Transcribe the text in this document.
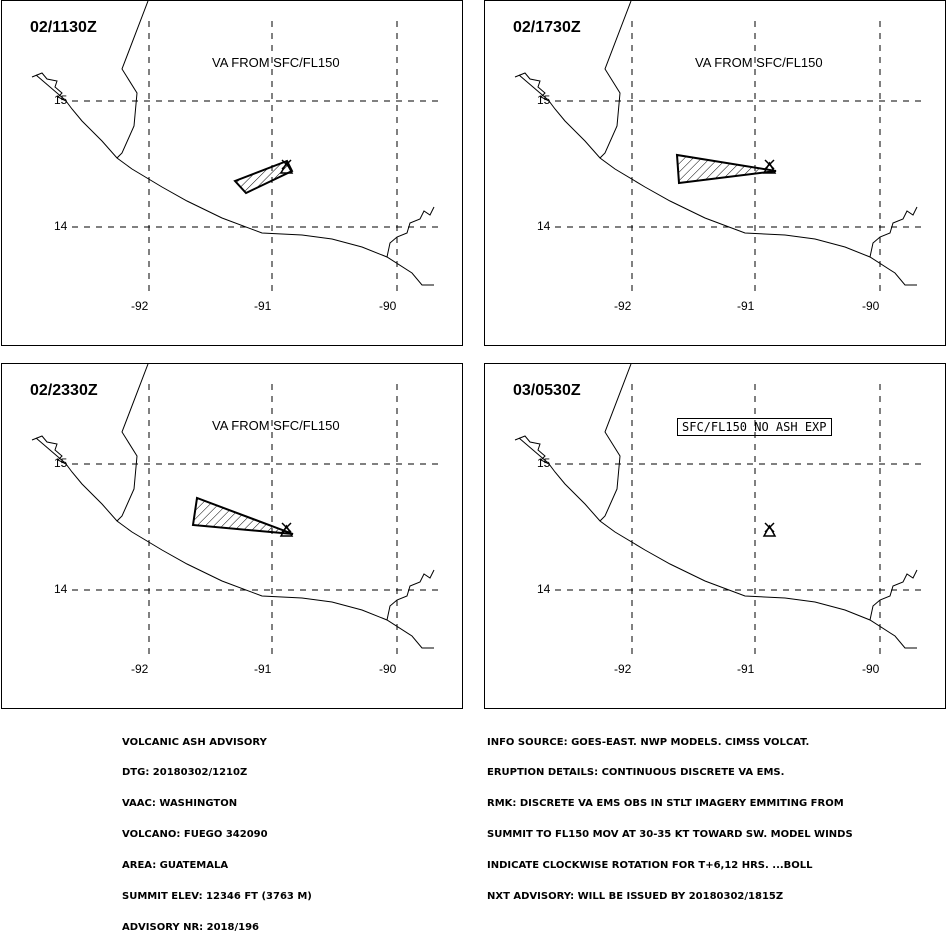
02/1130Z
VA FROM SFC/FL150
15
14
-92	-91	-90
02/1730Z
VA FROM SFC/FL150
15
14
-92	-91	-90
02/2330Z
VA FROM SFC/FL150
15
14
-92	-91	-90
03/0530Z
SFC/FL150 NO ASH EXP
15
14
-92	-91	-90

VOLCANIC ASH ADVISORY

DTG: 20180302/1210Z

VAAC: WASHINGTON

VOLCANO: FUEGO 342090

AREA: GUATEMALA

SUMMIT ELEV: 12346 FT (3763 M)

ADVISORY NR: 2018/196

INFO SOURCE: GOES-EAST. NWP MODELS. CIMSS VOLCAT.

ERUPTION DETAILS: CONTINUOUS DISCRETE VA EMS.

RMK: DISCRETE VA EMS OBS IN STLT IMAGERY EMMITING FROM

SUMMIT TO FL150 MOV AT 30-35 KT TOWARD SW. MODEL WINDS

INDICATE CLOCKWISE ROTATION FOR T+6,12 HRS. ...BOLL

NXT ADVISORY: WILL BE ISSUED BY 20180302/1815Z
